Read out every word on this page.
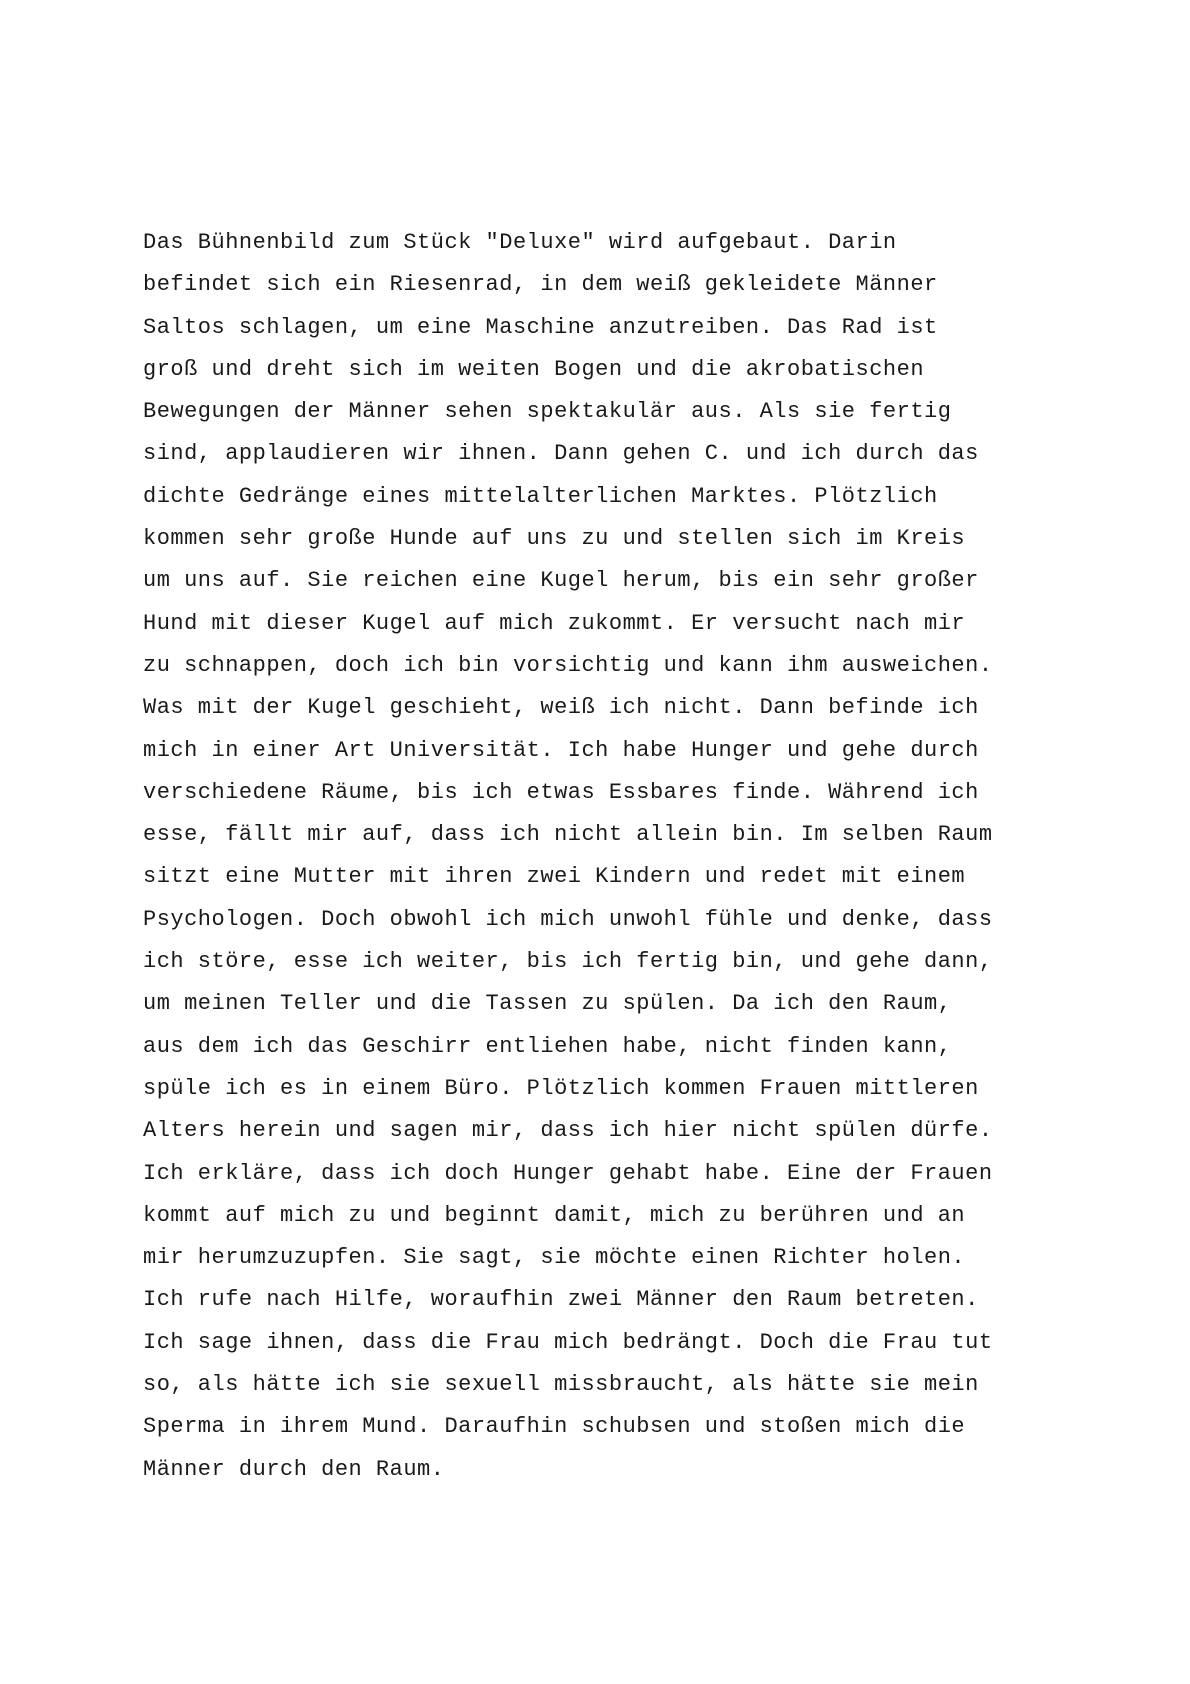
Das Bühnenbild zum Stück "Deluxe" wird aufgebaut. Darin
befindet sich ein Riesenrad, in dem weiß gekleidete Männer
Saltos schlagen, um eine Maschine anzutreiben. Das Rad ist
groß und dreht sich im weiten Bogen und die akrobatischen
Bewegungen der Männer sehen spektakulär aus. Als sie fertig
sind, applaudieren wir ihnen. Dann gehen C. und ich durch das
dichte Gedränge eines mittelalterlichen Marktes. Plötzlich
kommen sehr große Hunde auf uns zu und stellen sich im Kreis
um uns auf. Sie reichen eine Kugel herum, bis ein sehr großer
Hund mit dieser Kugel auf mich zukommt. Er versucht nach mir
zu schnappen, doch ich bin vorsichtig und kann ihm ausweichen.
Was mit der Kugel geschieht, weiß ich nicht. Dann befinde ich
mich in einer Art Universität. Ich habe Hunger und gehe durch
verschiedene Räume, bis ich etwas Essbares finde. Während ich
esse, fällt mir auf, dass ich nicht allein bin. Im selben Raum
sitzt eine Mutter mit ihren zwei Kindern und redet mit einem
Psychologen. Doch obwohl ich mich unwohl fühle und denke, dass
ich störe, esse ich weiter, bis ich fertig bin, und gehe dann,
um meinen Teller und die Tassen zu spülen. Da ich den Raum,
aus dem ich das Geschirr entliehen habe, nicht finden kann,
spüle ich es in einem Büro. Plötzlich kommen Frauen mittleren
Alters herein und sagen mir, dass ich hier nicht spülen dürfe.
Ich erkläre, dass ich doch Hunger gehabt habe. Eine der Frauen
kommt auf mich zu und beginnt damit, mich zu berühren und an
mir herumzuzupfen. Sie sagt, sie möchte einen Richter holen.
Ich rufe nach Hilfe, woraufhin zwei Männer den Raum betreten.
Ich sage ihnen, dass die Frau mich bedrängt. Doch die Frau tut
so, als hätte ich sie sexuell missbraucht, als hätte sie mein
Sperma in ihrem Mund. Daraufhin schubsen und stoßen mich die
Männer durch den Raum.
